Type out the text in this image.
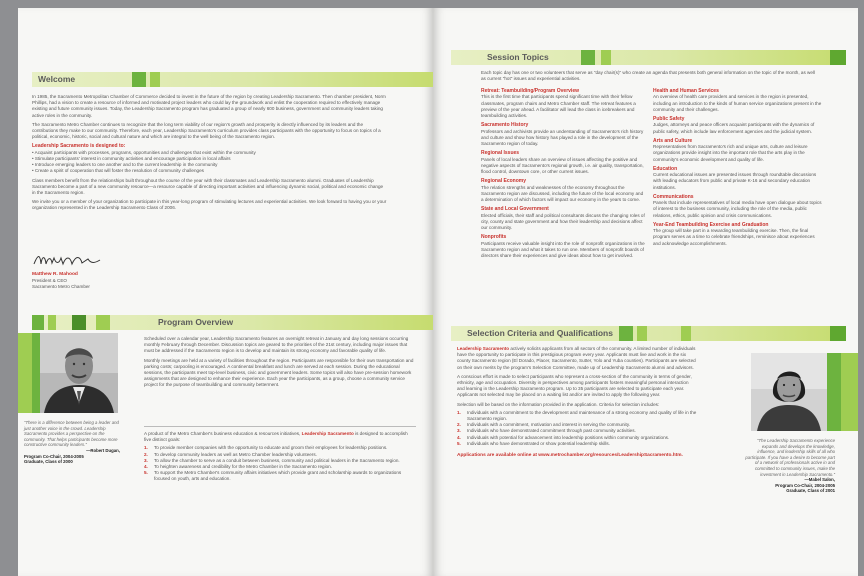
Welcome

In 1985, the Sacramento Metropolitan Chamber of Commerce decided to invest in the future of the region by creating Leadership Sacramento. Then chamber president, Norm Phillips, had a vision to create a resource of informed and motivated project leaders who could lay the groundwork and enlist the cooperation required to effectively manage existing and future community issues. Today, the Leadership Sacramento program has graduated a group of nearly 600 business, government and community leaders taking active roles in the community.

The Sacramento Metro Chamber continues to recognize that the long term viability of our region's growth and prosperity is directly influenced by its leaders and the contributions they make to our community. Therefore, each year, Leadership Sacramento's curriculum provides class participants with the opportunity to focus on topics of a political, economic, historic, social and cultural nature and which are integral to the well being of the Sacramento region.

Leadership Sacramento is designed to:
• Acquaint participants with processes, programs, opportunities and challenges that exist within the community
• Stimulate participants' interest in community activities and encourage participation in local affairs
• Introduce emerging leaders to one another and to the current leadership in the community
• Create a spirit of cooperation that will foster the resolution of community challenges

Class members benefit from the relationships built throughout the course of the year with their classmates and Leadership Sacramento alumni. Graduates of Leadership Sacramento become a part of a new community resource—a resource capable of directing important activities and influencing dynamic social, political and economic change in the Sacramento region.

We invite you or a member of your organization to participate in this year-long program of stimulating lectures and experiential activities. We look forward to having you or your organization represented in the Leadership Sacramento Class of 2006.

Matthew R. Mahood
President & CEO
Sacramento Metro Chamber
Program Overview
"There is a difference between being a leader and just another voice in the crowd. Leadership Sacramento provides a perspective on the community. That helps participants become more constructive community leaders."
—Robert Dugan,
Program Co-Chair, 2004-2005
Graduate, Class of 2000

Scheduled over a calendar year, Leadership Sacramento features an overnight retreat in January and day long sessions occurring monthly February through December. Discussion topics are geared to the priorities of the 21st century, including major issues that must be addressed if the Sacramento region is to develop and maintain its strong economy and favorable quality of life.

Monthly meetings are held at a variety of facilities throughout the region. Participants are responsible for their own transportation and parking costs; carpooling is encouraged. A continental breakfast and lunch are served at each session. During the educational sessions, the participants meet top-level business, civic and government leaders. Some topics will also have pre-session homework assignments that are designed to enhance their experience. Each year the participants, as a group, choose a community service project for the purpose of teambuilding and community betterment.

A product of the Metro Chamber's business education & resources initiatives, Leadership Sacramento is designed to accomplish five distinct goals:
1.	To provide member companies with the opportunity to educate and groom their employees for leadership positions.
2.	To develop community leaders as well as Metro Chamber leadership volunteers.
3.	To allow the chamber to serve as a conduit between business, community and political leaders in the Sacramento region.
4.	To heighten awareness and credibility for the Metro Chamber in the Sacramento region.
5.	To support the Metro Chamber's community affairs initiatives which provide grant and scholarship awards to organizations focused on youth, arts and education.
Session Topics
Each topic day has one or two volunteers that serve as "day chair(s)" who create an agenda that presents both general information on the topic of the month, as well as current "hot" issues and experiential activities.
Retreat: Teambuilding/Program Overview

This is the first time that participants spend significant time with their fellow classmates, program chairs and Metro Chamber staff. The retreat features a preview of the year ahead. A facilitator will lead the class in icebreakers and teambuilding activities.

Sacramento History

Professors and archivists provide an understanding of Sacramento's rich history and culture and show how history has played a role in the development of the Sacramento region of today.

Regional Issues

Panels of local leaders share an overview of issues affecting the positive and negative aspects of Sacramento's regional growth, i.e. air quality, transportation, flood control, downtown core, or other current issues.

Regional Economy

The relation strengths and weaknesses of the economy throughout the Sacramento region are discussed, including the future of the local economy and a determination of which factors will impact our economy in the years to come.

State and Local Government

Elected officials, their staff and political consultants discuss the changing roles of city, county and state government and how their leadership and decisions affect our community.

Nonprofits

Participants receive valuable insight into the role of nonprofit organizations in the Sacramento region and what it takes to run one. Members of nonprofit boards of directors share their experiences and give ideas about how to get involved.

Health and Human Services

An overview of health care providers and services in the region is presented, including an introduction to the kinds of human service organizations present in the community and their challenges.

Public Safety

Judges, attorneys and peace officers acquaint participants with the dynamics of public safety, which include law enforcement agencies and the judicial system.

Arts and Culture

Representatives from Sacramento's rich and unique arts, culture and leisure organizations provide insight into the important role that the arts play in the community's economic development and quality of life.

Education

Current educational issues are presented issues through roundtable discussions with leading educators from public and private K-16 and secondary education institutions.

Communications

Panels that include representatives of local media have open dialogue about topics of interest to the business community, including the role of the media, public relations, ethics, public opinion and crisis communications.

Year-End Teambuilding Exercise and Graduation

The group will take part in a rewarding teambuilding exercise. Then, the final program serves as a time to celebrate friendships, reminisce about experiences and acknowledge accomplishments.

Selection Criteria and Qualifications

Leadership Sacramento actively solicits applicants from all sectors of the community. A limited number of individuals have the opportunity to participate in this prestigious program every year. Applicants must live and work in the six county Sacramento region (El Dorado, Placer, Sacramento, Sutter, Yolo and Yuba counties). Participants are selected on their own merits by the program's Selection Committee, made up of Leadership Sacramento alumni and advisors.

A conscious effort is made to select participants who represent a cross-section of the community in terms of gender, ethnicity, age and occupation. Diversity in perspectives among participants fosters meaningful personal interaction and learning in the Leadership Sacramento program. Up to 35 participants are selected to participate each year. Applicants not selected may be placed on a waiting list and/or are invited to apply the following year.

Selection will be based on the information provided in the application. Criteria for selection includes:
1.	Individuals with a commitment to the development and maintenance of a strong economy and quality of life in the Sacramento region.
2.	Individuals with a commitment, motivation and interest in serving the community.
3.	Individuals who have demonstrated commitment through past community activities.
4.	Individuals with potential for advancement into leadership positions within community organizations.
5.	Individuals who have demonstrated or show potential leadership skills.

Applications are available online at www.metrochamber.org/resources/LeadershipSacramento.htm.

"The Leadership Sacramento experience expands and develops the knowledge, influence, and leadership skills of all who participate. If you have a desire to become part of a network of professionals active in and committed to community issues, make the investment in Leadership Sacramento."
—Mabel Salon,
Program Co-Chair, 2004-2005
Graduate, Class of 2001
